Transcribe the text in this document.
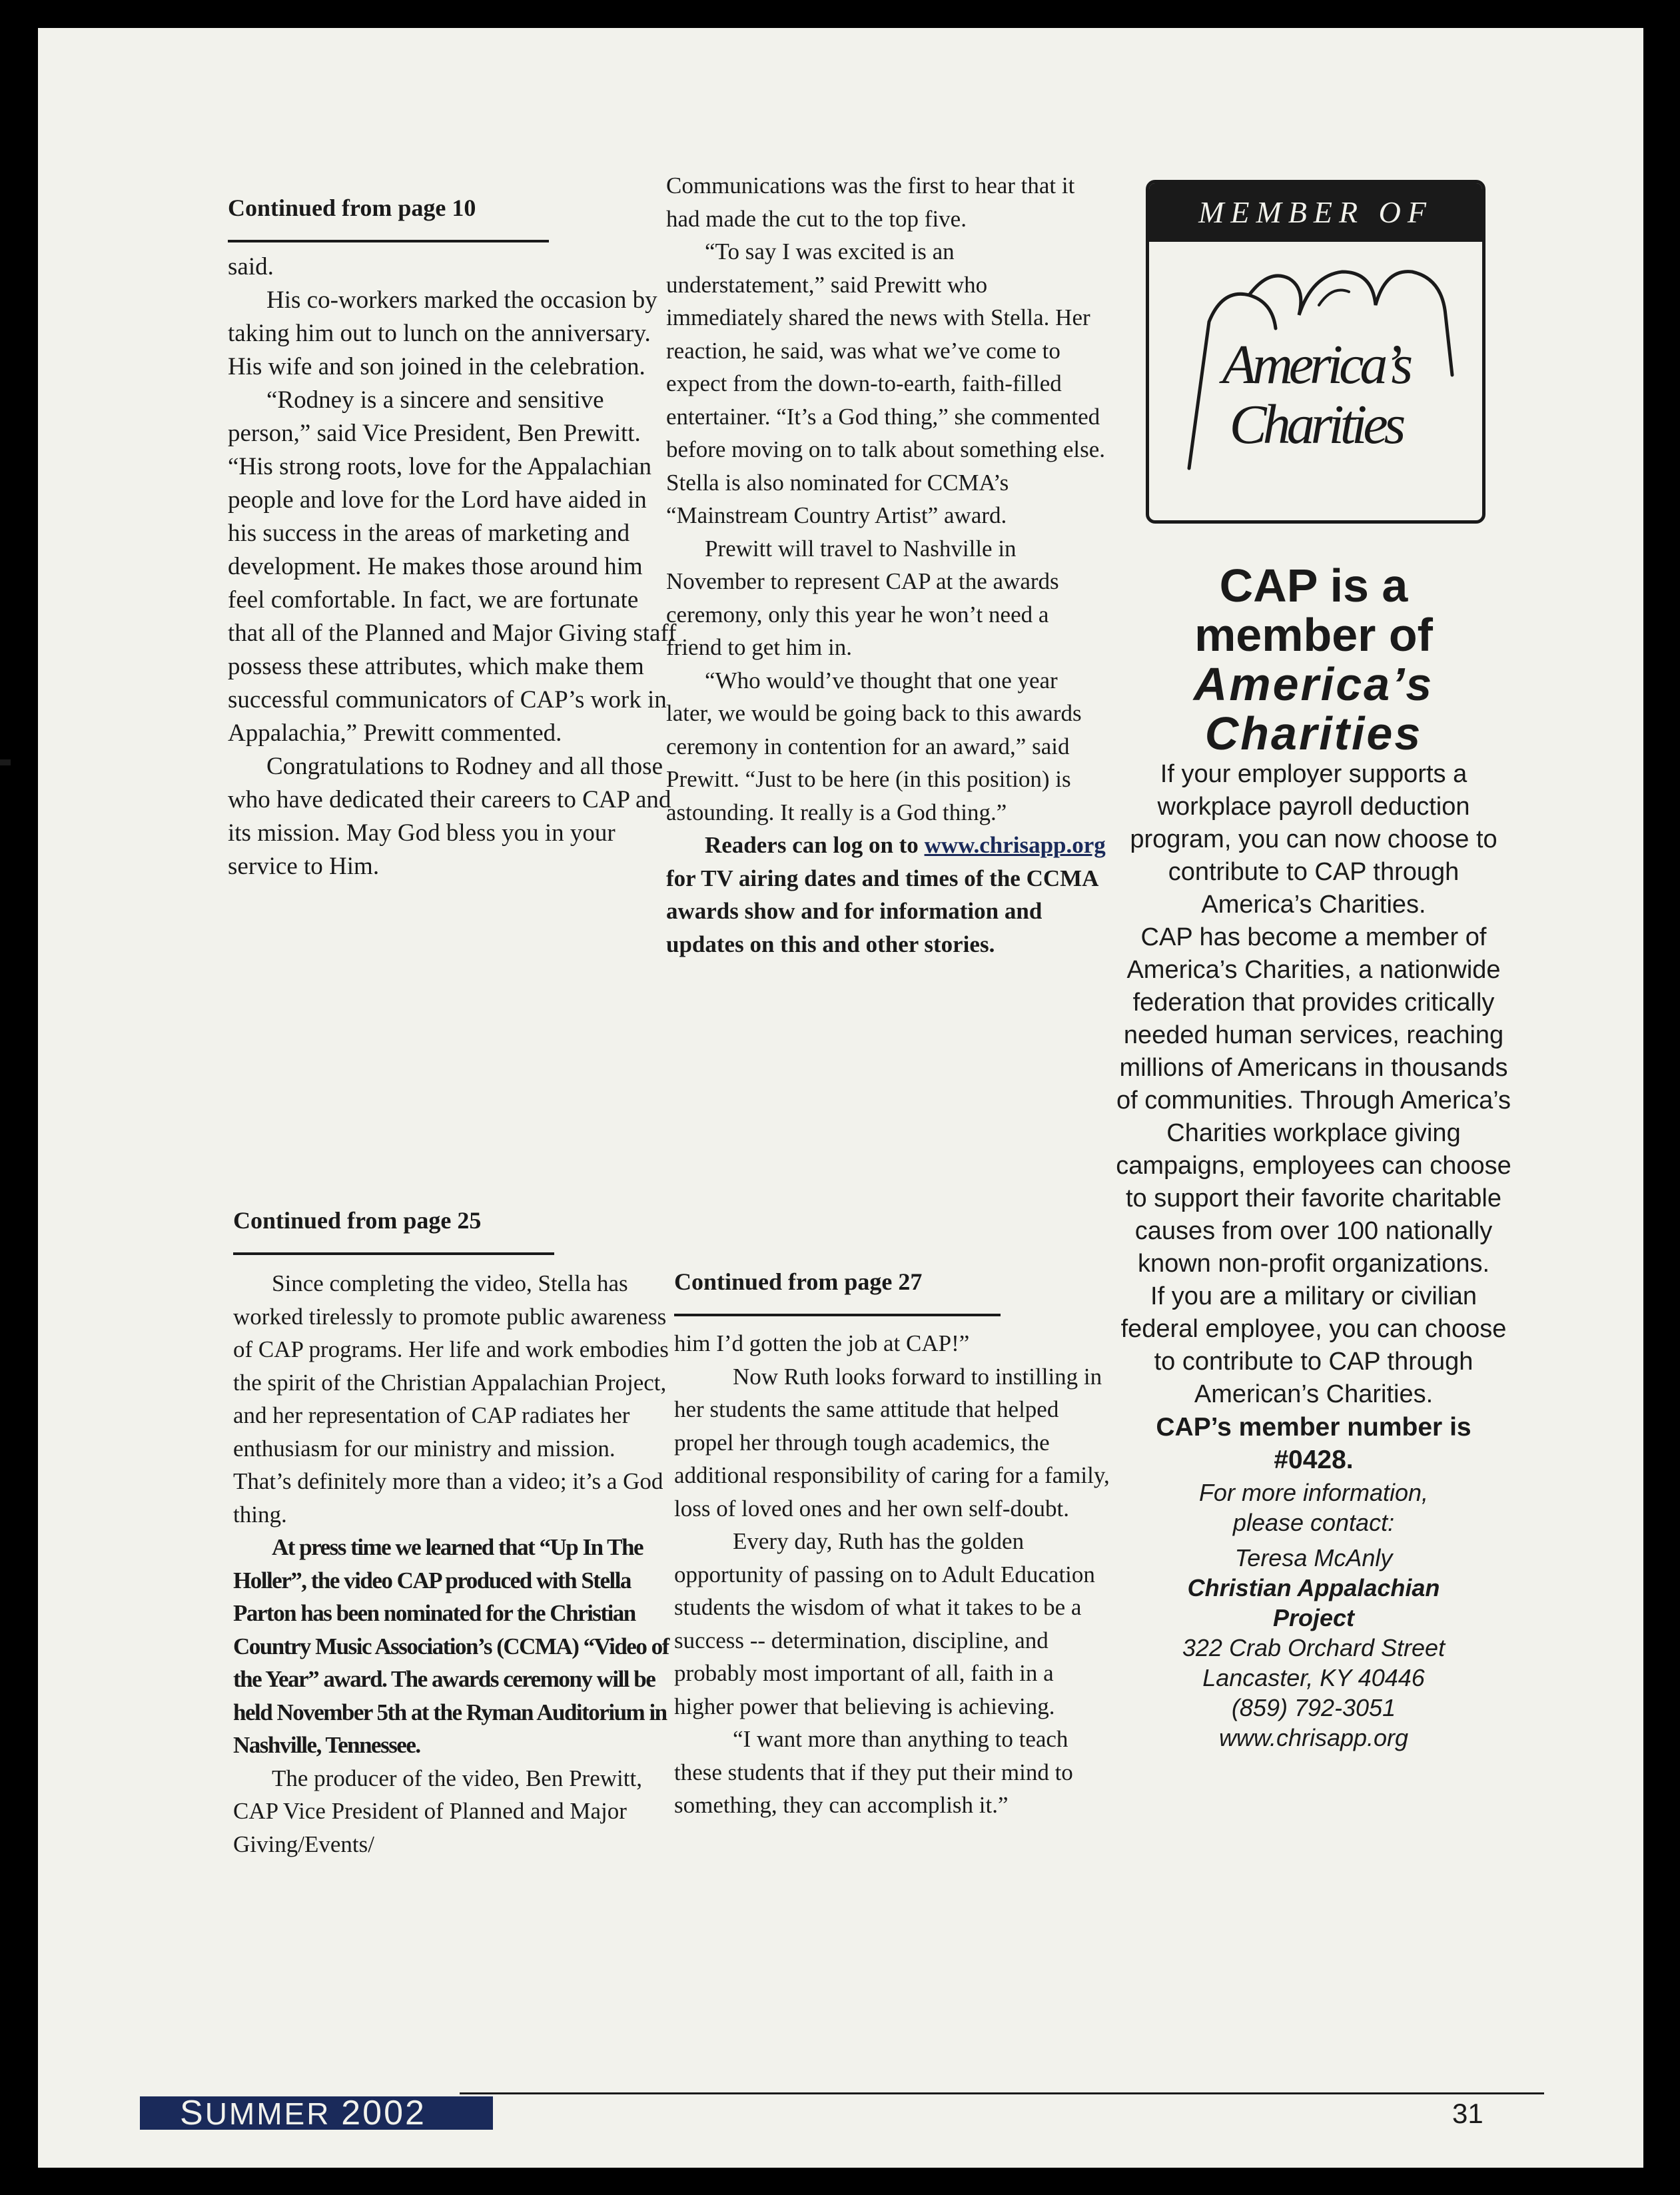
Continued from page 10

said.

His co-workers marked the occasion by taking him out to lunch on the anniversary. His wife and son joined in the celebration.

“Rodney is a sincere and sensitive person,” said Vice President, Ben Prewitt. “His strong roots, love for the Appalachian people and love for the Lord have aided in his success in the areas of marketing and development. He makes those around him feel comfortable. In fact, we are fortunate that all of the Planned and Major Giving staff possess these attributes, which make them successful communicators of CAP’s work in Appalachia,” Prewitt commented.

Congratulations to Rodney and all those who have dedicated their careers to CAP and its mission. May God bless you in your service to Him.

Continued from page 25

Since completing the video, Stella has worked tirelessly to promote public awareness of CAP programs. Her life and work embodies the spirit of the Christian Appalachian Project, and her representation of CAP radiates her enthusiasm for our ministry and mission. That’s definitely more than a video; it’s a God thing.

At press time we learned that “Up In The Holler”, the video CAP produced with Stella Parton has been nominated for the Christian Country Music Association’s (CCMA) “Video of the Year” award. The awards ceremony will be held November 5th at the Ryman Auditorium in Nashville, Tennessee.

The producer of the video, Ben Prewitt, CAP Vice President of Planned and Major Giving/Events/

Communications was the first to hear that it had made the cut to the top five.

“To say I was excited is an understatement,” said Prewitt who immediately shared the news with Stella. Her reaction, he said, was what we’ve come to expect from the down-to-earth, faith-filled entertainer. “It’s a God thing,” she commented before moving on to talk about something else. Stella is also nominated for CCMA’s “Mainstream Country Artist” award.

Prewitt will travel to Nashville in November to represent CAP at the awards ceremony, only this year he won’t need a friend to get him in.

“Who would’ve thought that one year later, we would be going back to this awards ceremony in contention for an award,” said Prewitt. “Just to be here (in this position) is astounding. It really is a God thing.”

Readers can log on to www.chrisapp.org for TV airing dates and times of the CCMA awards show and for information and updates on this and other stories.

Continued from page 27

him I’d gotten the job at CAP!”

Now Ruth looks forward to instilling in her students the same attitude that helped propel her through tough academics, the additional responsibility of caring for a family, loss of loved ones and her own self-doubt.

Every day, Ruth has the golden opportunity of passing on to Adult Education students the wisdom of what it takes to be a success -- determination, discipline, and probably most important of all, faith in a higher power that believing is achieving.

“I want more than anything to teach these students that if they put their mind to something, they can accomplish it.”

MEMBER OF
America’s
Charities
CAP is a
member of
America’s
Charities
If your employer supports a workplace payroll deduction program, you can now choose to contribute to CAP through America’s Charities.
CAP has become a member of America’s Charities, a nationwide federation that provides critically needed human services, reaching millions of Americans in thousands of communities. Through America’s Charities workplace giving campaigns, employees can choose to support their favorite charitable causes from over 100 nationally known non-profit organizations.
If you are a military or civilian federal employee, you can choose to contribute to CAP through American’s Charities.
CAP’s member number is #0428.
For more information, please contact:
Teresa McAnly
Christian Appalachian Project
322 Crab Orchard Street
Lancaster, KY 40446
(859) 792-3051
www.chrisapp.org
SUMMER 2002	31
